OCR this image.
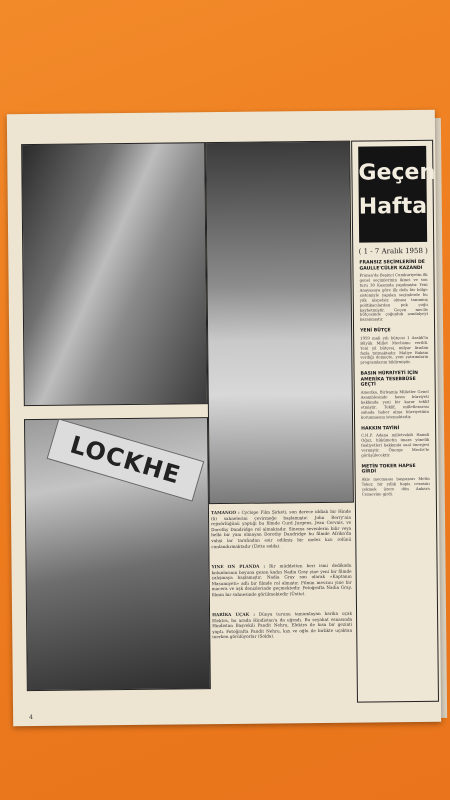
LOCKHE
TAMANGO : Cyclope Film Şirketi, son derece iddialı bir Hinde (li) sahnelerini çevirmeğe başlamıştır. John Berry'nin rejisörlüğünü yaptığı bu filmde Curd Jurgens, Jean Cervais, ve Dorothy Dandridge rol almaktadır. Sinema sevenlerin bilir veya belki bir yanı olmayan Dorothy Dandridge bu filmde Afrika'da vahşi lar tarafından esir edilmiş bir melez kızı rolünü canlandırmaktadır (Üstte solda).
YINE ON PLANDA : Bir müddetten beri ismi dedikodu kolunlarının boyuna gezen kadın Nadia Gray yine yeni bir filmde çalışmaya başlamıştır. Nadia Gray son olarak «Kaptanın Masumiyeti» adlı bir filmde rol almıştır. Filmin mevzuu yine bir macera ve aşk denizlerinde geçmektedir. Fotoğrafta Nadia Gray, filmin bir sahnesinde görülmektedir (Üstte).
HARİKA UÇAK : Dünya turunu tamamlayan harika uçak Elektra, bu arada Hindistan'a da uğradı. Bu seyahat esnasında Hindistan Başvekili Pandit Nehru, Elektra ile kısa bir gezinti yaptı. Fotoğrafta Pandit Nehru, kızı ve oğlu ile birlikte uçaktan inerken görülüyorlar (Solda).
Geçen
Hafta
( 1 - 7 Aralık 1958 )
FRANSIZ SEÇİMLERİNİ DE GAULLE'CÜLER KAZANDI

Fransa'da Beşinci Cumhuriyetin ilk genel seçimlerinin ikinci ve son turu 30 Kasımda yapılmıştır. Yeni Anayasaya göre ilk defa bir bölge sistemiyle yapılan seçimlerde bu yılk nispetsiz olması tanınmış politikacılardan pek çoğu kaybetmiştir. Geçen meclis bütçesinde çoğunluk sandalyeyi kazanmıştır.

YENİ BÜTÇE

1959 mali yılı bütçesi 1 Aralık'ta Büyük Millet Meclisine verildi. Yeni yıl bütçesi, milyar liradan fazla tutmaktadır. Maliye Bakanı verdiği demeçte, yeni yatırımların programlarını bildirmiştir.

BASIN HÜRRİYETİ İÇİN AMERİKA TESEBBÜSE GEÇTİ

Amerika, Birleşmiş Milletler Genel Asamblesinde basın hürriyeti hakkında yeni bir karar teklif etmiştir. Teklif, milletlerarası sahada haber alma hürriyetinin korunmasını istemektedir.

HAKKIN TAYİNİ

C.H.P. Adana milletvekili Hamdi Oğuz, hükümetin imara yönelik faaliyetleri hakkında sual önergesi vermiştir. Önerge Meclis'te görüşülecektir.

METİN TOKER HAPSE GİRDİ

Akis mecmuası başyazarı Metin Toker, bir yıllık hapis cezasını çekmek üzere dün Ankara Cezaevine girdi.

4
